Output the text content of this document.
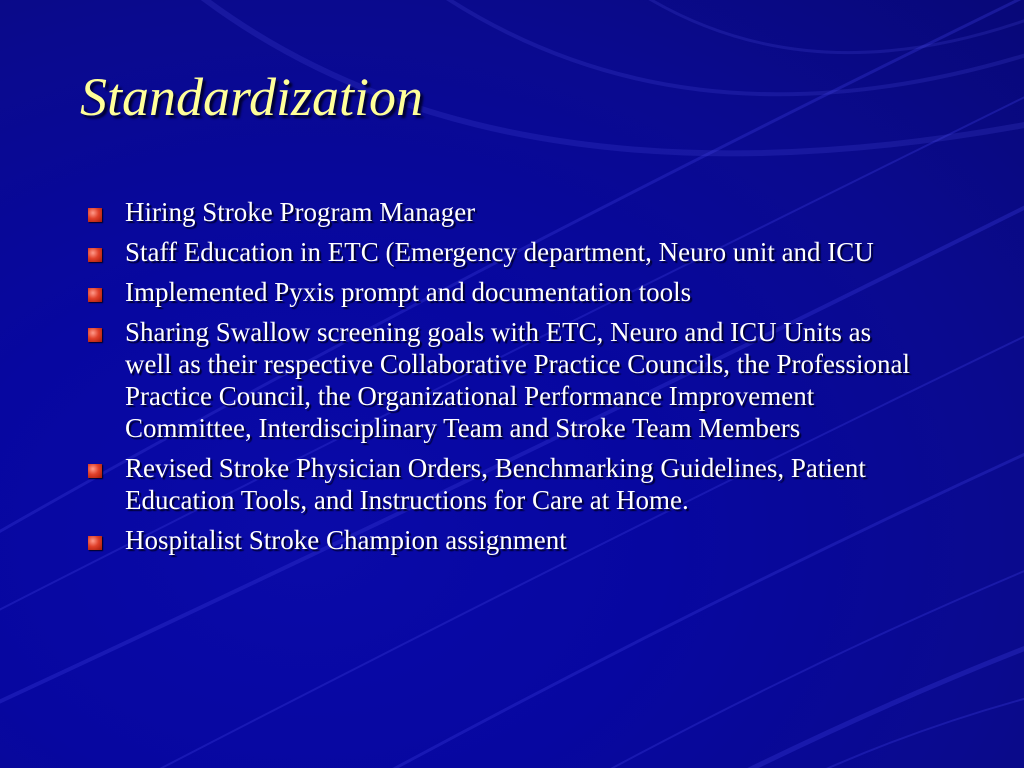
Standardization
Hiring Stroke Program Manager
Staff Education in ETC (Emergency department, Neuro unit and ICU
Implemented Pyxis prompt and documentation tools
Sharing Swallow screening goals with ETC, Neuro and ICU Units as well as their respective Collaborative Practice Councils, the Professional Practice Council, the Organizational Performance Improvement Committee, Interdisciplinary Team and Stroke Team Members
Revised Stroke Physician Orders, Benchmarking Guidelines, Patient Education Tools, and Instructions for Care at Home.
Hospitalist Stroke Champion assignment
